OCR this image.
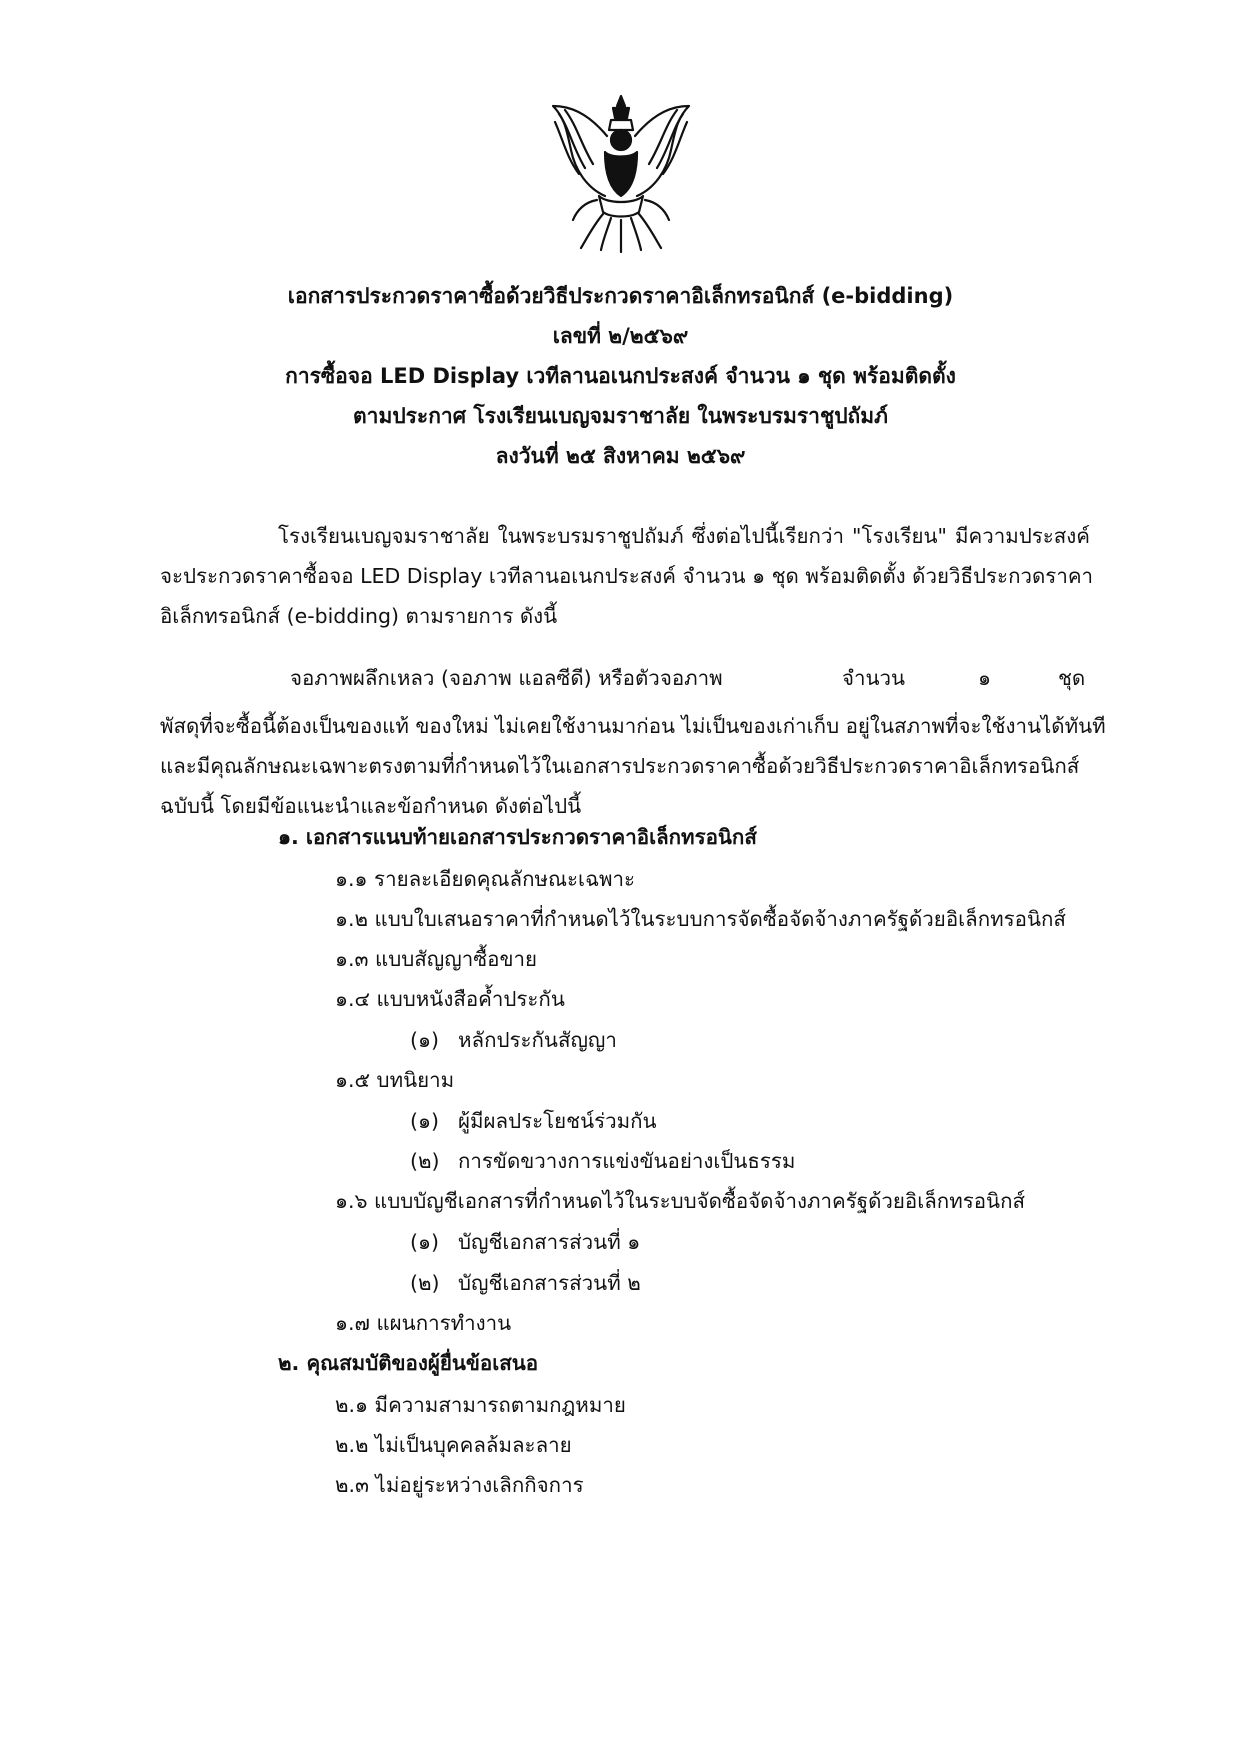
เอกสารประกวดราคาซื้อด้วยวิธีประกวดราคาอิเล็กทรอนิกส์ (e-bidding)
เลขที่ ๒/๒๕๖๙
การซื้อจอ LED Display เวทีลานอเนกประสงค์ จำนวน ๑ ชุด พร้อมติดตั้ง
ตามประกาศ โรงเรียนเบญจมราชาลัย ในพระบรมราชูปถัมภ์
ลงวันที่ ๒๕ สิงหาคม ๒๕๖๙
โรงเรียนเบญจมราชาลัย ในพระบรมราชูปถัมภ์ ซึ่งต่อไปนี้เรียกว่า "โรงเรียน" มีความประสงค์
จะประกวดราคาซื้อจอ LED Display เวทีลานอเนกประสงค์ จำนวน ๑ ชุด พร้อมติดตั้ง ด้วยวิธีประกวดราคา
อิเล็กทรอนิกส์ (e-bidding) ตามรายการ ดังนี้
จอภาพผลึกเหลว (จอภาพ แอลซีดี) หรือตัวจอภาพ	จำนวน	๑	ชุด
พัสดุที่จะซื้อนี้ต้องเป็นของแท้ ของใหม่ ไม่เคยใช้งานมาก่อน ไม่เป็นของเก่าเก็บ อยู่ในสภาพที่จะใช้งานได้ทันที
และมีคุณลักษณะเฉพาะตรงตามที่กำหนดไว้ในเอกสารประกวดราคาซื้อด้วยวิธีประกวดราคาอิเล็กทรอนิกส์
ฉบับนี้ โดยมีข้อแนะนำและข้อกำหนด ดังต่อไปนี้
๑. เอกสารแนบท้ายเอกสารประกวดราคาอิเล็กทรอนิกส์
๑.๑ รายละเอียดคุณลักษณะเฉพาะ
๑.๒ แบบใบเสนอราคาที่กำหนดไว้ในระบบการจัดซื้อจัดจ้างภาครัฐด้วยอิเล็กทรอนิกส์
๑.๓ แบบสัญญาซื้อขาย
๑.๔ แบบหนังสือค้ำประกัน
(๑) หลักประกันสัญญา
๑.๕ บทนิยาม
(๑) ผู้มีผลประโยชน์ร่วมกัน
(๒) การขัดขวางการแข่งขันอย่างเป็นธรรม
๑.๖ แบบบัญชีเอกสารที่กำหนดไว้ในระบบจัดซื้อจัดจ้างภาครัฐด้วยอิเล็กทรอนิกส์
(๑) บัญชีเอกสารส่วนที่ ๑
(๒) บัญชีเอกสารส่วนที่ ๒
๑.๗ แผนการทำงาน
๒. คุณสมบัติของผู้ยื่นข้อเสนอ
๒.๑ มีความสามารถตามกฎหมาย
๒.๒ ไม่เป็นบุคคลล้มละลาย
๒.๓ ไม่อยู่ระหว่างเลิกกิจการ
